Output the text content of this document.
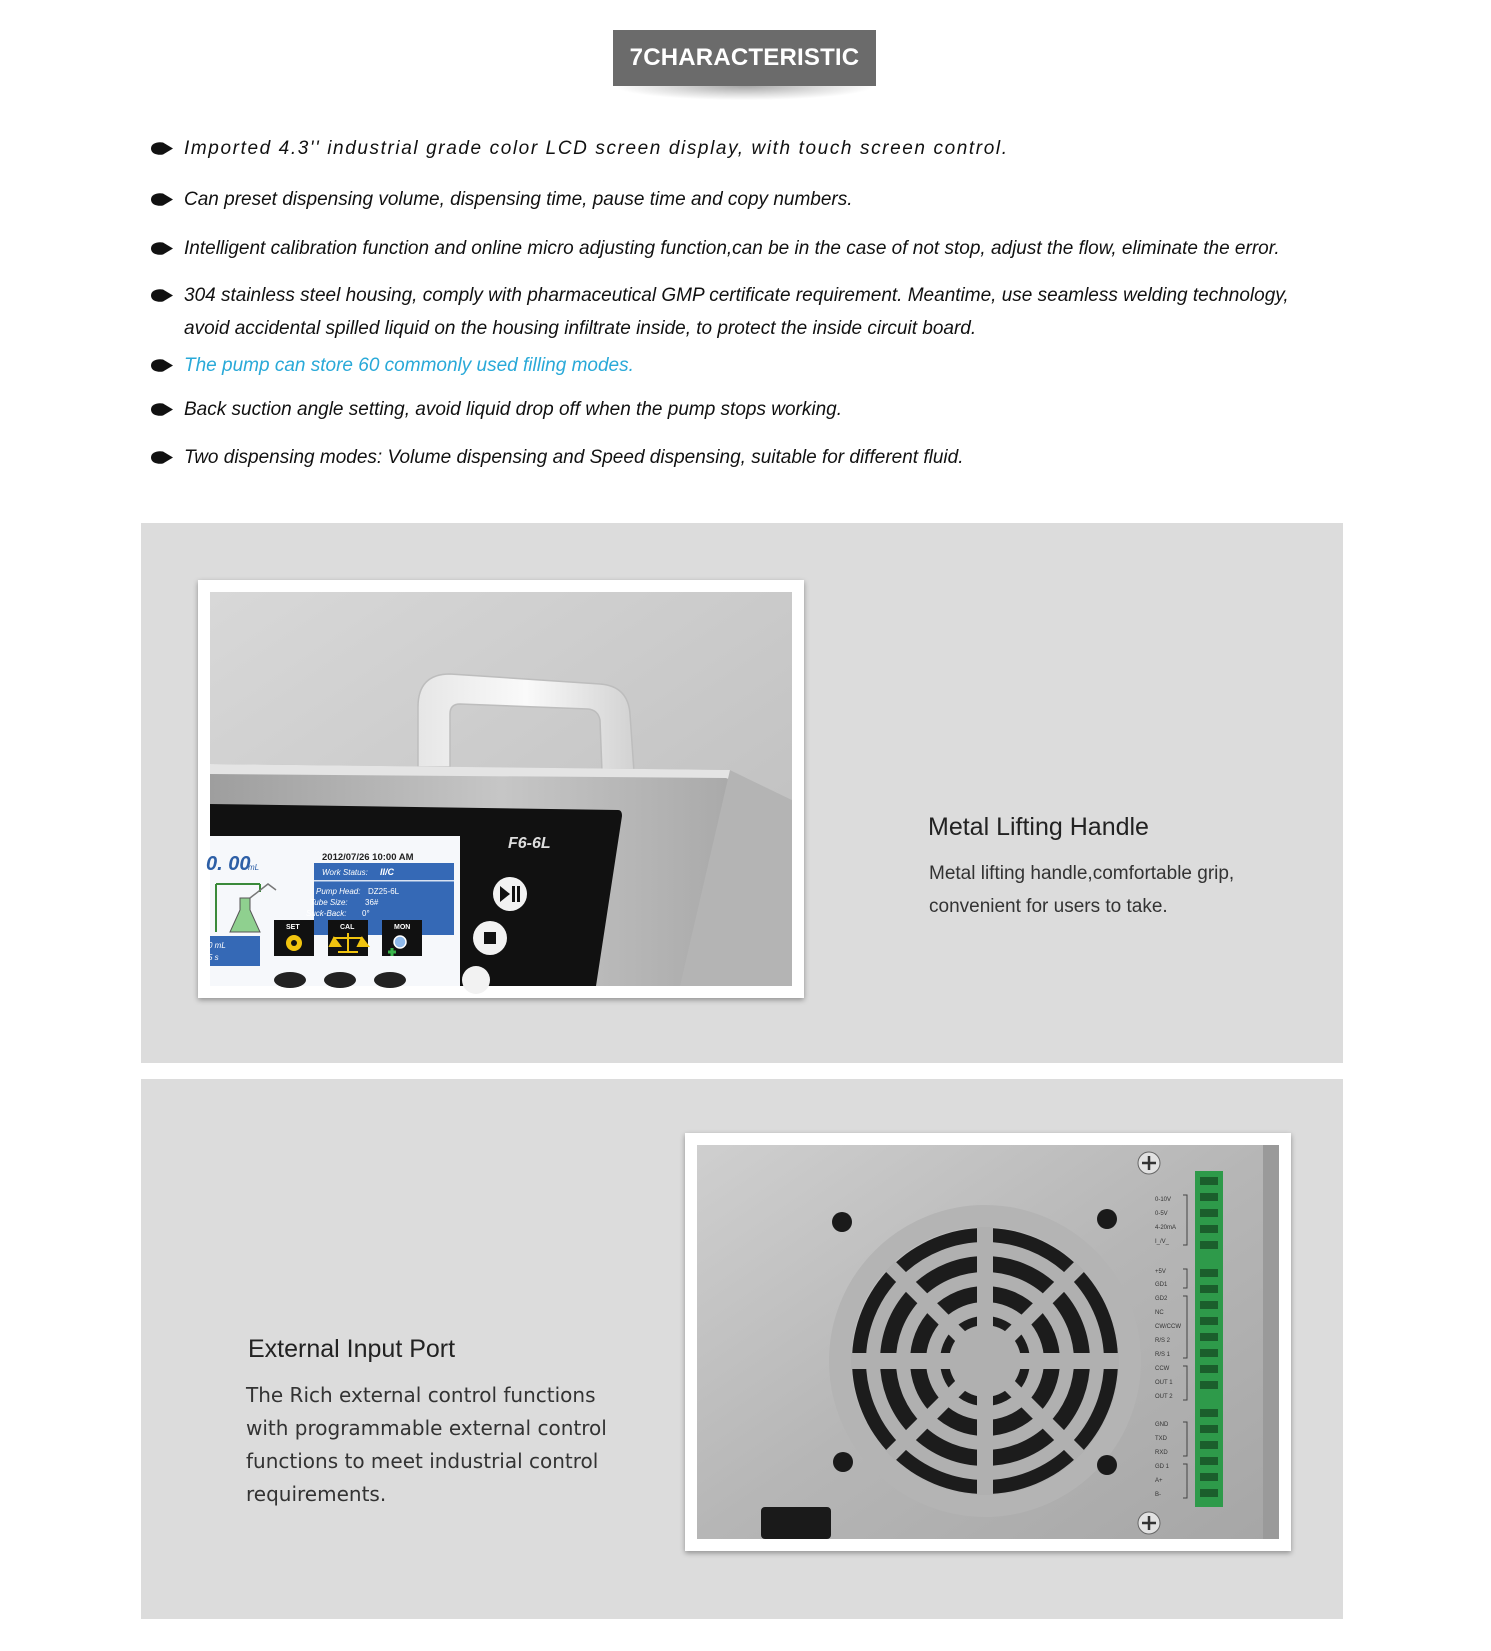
7CHARACTERISTIC
Imported 4.3'' industrial grade color LCD screen display, with touch screen control.
Can preset dispensing volume, dispensing time, pause time and copy numbers.
Intelligent calibration function and online micro adjusting function,can be in the case of not stop, adjust the flow, eliminate the error.
304 stainless steel housing, comply with pharmaceutical GMP certificate requirement. Meantime, use seamless welding technology,
avoid accidental spilled liquid on the housing infiltrate inside, to protect the inside circuit board.
The pump can store 60 commonly used filling modes.
Back suction angle setting, avoid liquid drop off when the pump stops working.
Two dispensing modes: Volume dispensing and Speed dispensing, suitable for different fluid.
F6-6L
2012/07/26 10:00 AM
0. 00
mL
Work Status: II/C
Pump Head: DZ25-6L
Tube Size: 36#
Suck-Back: 0°
0 mL
5 s
SET	CAL	MON
Metal Lifting Handle
Metal lifting handle,comfortable grip,
convenient for users to take.
External Input Port
The Rich external control functions
with programmable external control
functions to meet industrial control
requirements.
0-10V
0-5V
4-20mA
I_/V_
+5V
GD1
GD2
NC
CW/CCW
R/S 2
R/S 1
CCW
OUT 1
OUT 2
GND
TXD
RXD
GD 1
A+
B-
